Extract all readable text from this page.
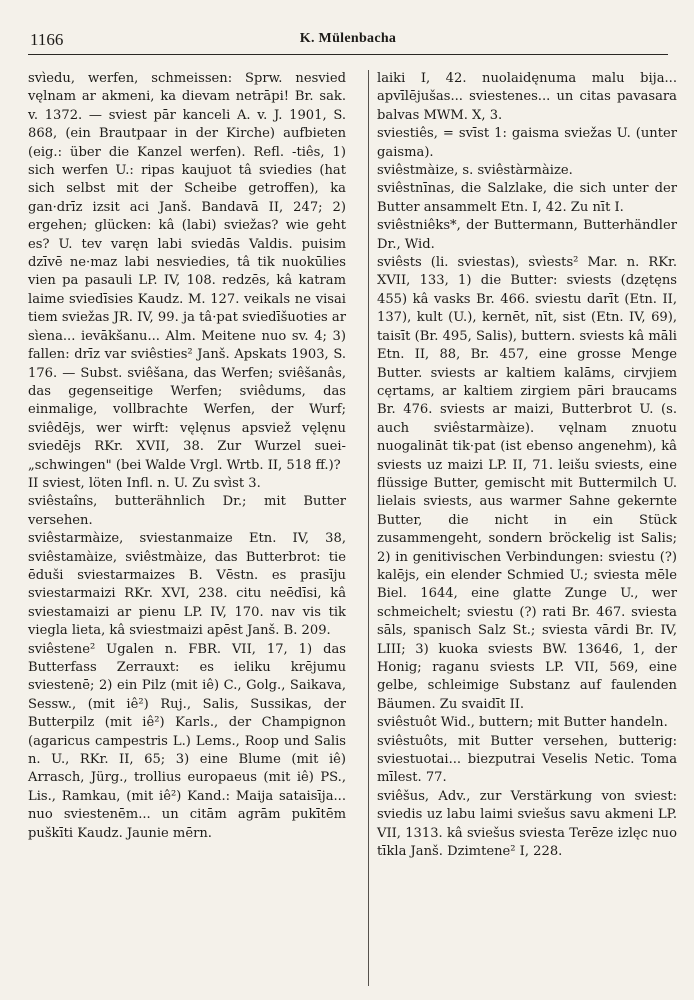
1166	K. Mülenbacha

svìedu, werfen, schmeissen: Sprw. nesvied vęlnam ar akmeni, ka dievam netrāpi! Br. sak. v. 1372. — sviest pār kanceli A. v. J. 1901, S. 868, (ein Brautpaar in der Kirche) aufbieten (eig.: über die Kanzel werfen). Refl. -tiês, 1) sich werfen U.: ripas kaujuot tâ sviedies (hat sich selbst mit der Scheibe getroffen), ka gan·drīz izsit aci Janš. Bandavā II, 247; 2) ergehen; glücken: kâ (labi) sviežas? wie geht es? U. tev varęn labi sviedās Valdis. puisim dzīvē ne·maz labi nesviedies, tâ tik nuokūlies vien pa pasauli LP. IV, 108. redzēs, kâ katram laime sviedīsies Kaudz. M. 127. veikals ne visai tiem sviežas JR. IV, 99. ja tâ·pat sviedīšuoties ar sìena... ievākšanu... Alm. Meitene nuo sv. 4; 3) fallen: drīz var sviêsties² Janš. Apskats 1903, S. 176. — Subst. sviêšana, das Werfen; sviêšanâs, das gegenseitige Werfen; sviêdums, das einmalige, vollbrachte Werfen, der Wurf; sviêdējs, wer wirft: vęlęnus apsviež vęlęnu sviedējs RKr. XVII, 38. Zur Wurzel suei- „schwingen" (bei Walde Vrgl. Wrtb. II, 518 ff.)?

II sviest, löten Infl. n. U. Zu svìst 3.

sviêstaîns, butterähnlich Dr.; mit Butter versehen.

sviêstarmàize, sviestanmaize Etn. IV, 38, sviêstamàize, sviêstmàize, das Butterbrot: tie ēduši sviestarmaizes B. Vēstn. es prasīju sviestarmaizi RKr. XVI, 238. citu neēdīsi, kâ sviestamaizi ar pienu LP. IV, 170. nav vis tik viegla lieta, kâ sviestmaizi apēst Janš. B. 209.

sviêstene² Ugalen n. FBR. VII, 17, 1) das Butterfass Zerrauxt: es ieliku krējumu sviestenē; 2) ein Pilz (mit iê) C., Golg., Saikava, Sessw., (mit iê²) Ruj., Salis, Sussikas, der Butterpilz (mit iê²) Karls., der Champignon (agaricus campestris L.) Lems., Roop und Salis n. U., RKr. II, 65; 3) eine Blume (mit iê) Arrasch, Jürg., trollius europaeus (mit iê) PS., Lis., Ramkau, (mit iê²) Kand.: Maija sataisīja... nuo sviestenēm... un citām agrām pukītēm puškīti Kaudz. Jaunie mērn.

laiki I, 42. nuolaidęnuma malu bija... apvīlējušas... sviestenes... un citas pavasara balvas MWM. X, 3.

sviestiês, = svīst 1: gaisma sviežas U. (unter gaisma).

sviêstmàize, s. sviêstàrmàize.

sviêstnīnas, die Salzlake, die sich unter der Butter ansammelt Etn. I, 42. Zu nīt I.

sviêstniêks*, der Buttermann, Butterhändler Dr., Wid.

sviêsts (li. sviestas), svìests² Mar. n. RKr. XVII, 133, 1) die Butter: sviests (dzętęns 455) kâ vasks Br. 466. sviestu darīt (Etn. II, 137), kult (U.), kernēt, nīt, sist (Etn. IV, 69), taisīt (Br. 495, Salis), buttern. sviests kâ māli Etn. II, 88, Br. 457, eine grosse Menge Butter. sviests ar kaltiem kalāms, cirvjiem cęrtams, ar kaltiem zirgiem pāri braucams Br. 476. sviests ar maizi, Butterbrot U. (s. auch sviêstarmàize). vęlnam znuotu nuogalināt tik·pat (ist ebenso angenehm), kâ sviests uz maizi LP. II, 71. leišu sviests, eine flüssige Butter, gemischt mit Buttermilch U. lielais sviests, aus warmer Sahne gekernte Butter, die nicht in ein Stück zusammengeht, sondern bröckelig ist Salis; 2) in genitivischen Verbindungen: sviestu (?) kalējs, ein elender Schmied U.; sviesta mēle Biel. 1644, eine glatte Zunge U., wer schmeichelt; sviestu (?) rati Br. 467. sviesta sāls, spanisch Salz St.; sviesta vārdi Br. IV, LIII; 3) kuoka sviests BW. 13646, 1, der Honig; raganu sviests LP. VII, 569, eine gelbe, schleimige Substanz auf faulenden Bäumen. Zu svaidīt II.

sviêstuôt Wid., buttern; mit Butter handeln.

sviêstuôts, mit Butter versehen, butterig: sviestuotai... biezputrai Veselis Netic. Toma mīlest. 77.

sviêšus, Adv., zur Verstärkung von sviest: sviedis uz labu laimi sviešus savu akmeni LP. VII, 1313. kâ sviešus sviesta Terēze izlęc nuo tīkla Janš. Dzimtene² I, 228.
